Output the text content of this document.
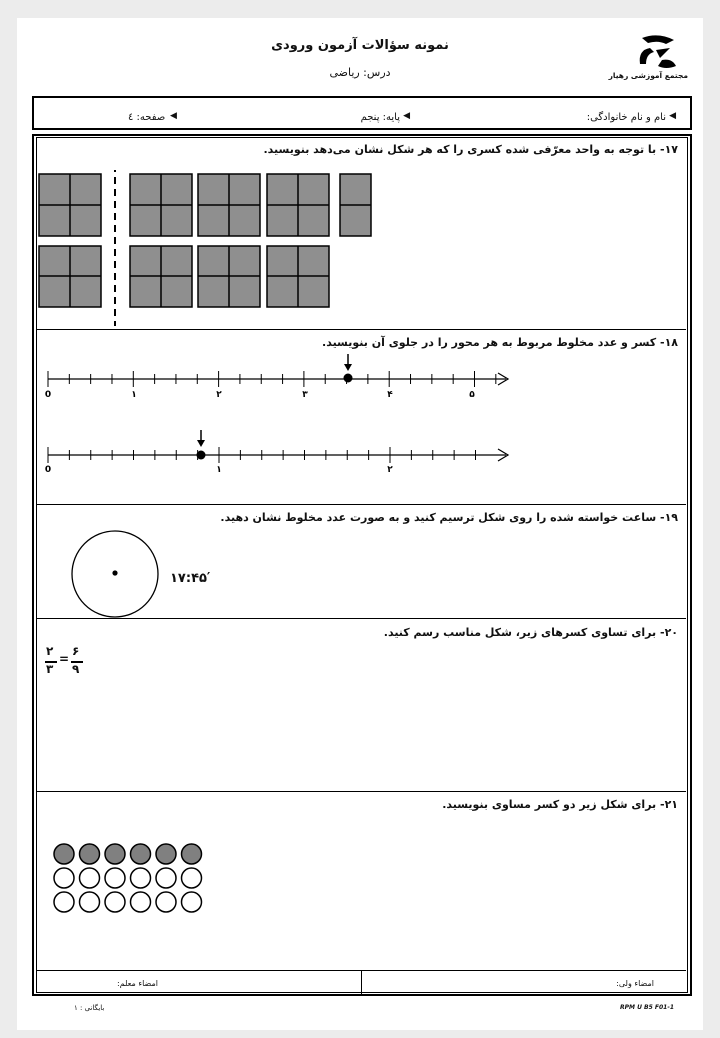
نمونه سؤالات آزمون ورودی
درس: ریاضی	مجتمع آموزشی رهیار
نام و نام خانوادگی: ◀
پایه: پنجم ◀
صفحه: ٤ ◀
۱۷- با توجه به واحد معرّفی شده کسری را که هر شکل نشان می‌دهد بنویسید.
۱۸- کسر و عدد مخلوط مربوط به هر محور را در جلوی آن بنویسید.
0	۱	۲	۳	۴	۵
0	۱	۲
۱۹- ساعت خواسته شده را روی شکل ترسیم کنید و به صورت عدد مخلوط نشان دهید.
۱۷:۴۵′
۲۰- برای تساوی کسرهای زیر، شکل مناسب رسم کنید.
۲
۳
=
۶
۹
۲۱- برای شکل زیر دو کسر مساوی بنویسید.
امضاء ولی:
امضاء معلم:
بایگانی : ۱	RPM U B5 F01-1
